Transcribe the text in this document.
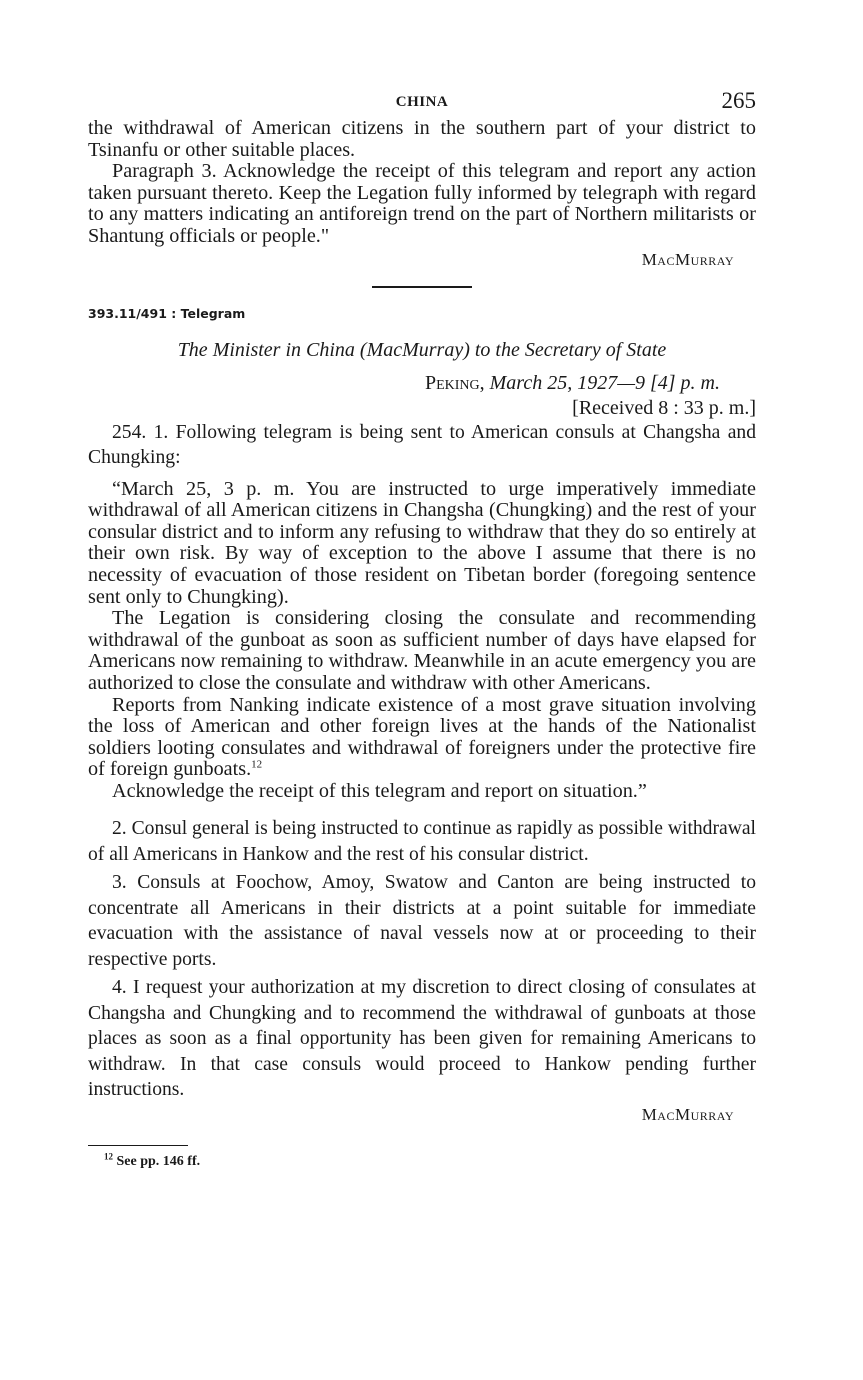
CHINA	265

the withdrawal of American citizens in the southern part of your district to Tsinanfu or other suitable places.

Paragraph 3. Acknowledge the receipt of this telegram and report any action taken pursuant thereto. Keep the Legation fully informed by telegraph with regard to any matters indicating an antiforeign trend on the part of Northern militarists or Shantung officials or people."

MacMurray
393.11/491 : Telegram
The Minister in China (MacMurray) to the Secretary of State
Peking, March 25, 1927—9 [4] p. m.
[Received 8 : 33 p. m.]

254. 1. Following telegram is being sent to American consuls at Changsha and Chungking:

“March 25, 3 p. m. You are instructed to urge imperatively immediate withdrawal of all American citizens in Changsha (Chungking) and the rest of your consular district and to inform any refusing to withdraw that they do so entirely at their own risk. By way of exception to the above I assume that there is no necessity of evacuation of those resident on Tibetan border (foregoing sentence sent only to Chungking).

The Legation is considering closing the consulate and recommending withdrawal of the gunboat as soon as sufficient number of days have elapsed for Americans now remaining to withdraw. Meanwhile in an acute emergency you are authorized to close the consulate and withdraw with other Americans.

Reports from Nanking indicate existence of a most grave situation involving the loss of American and other foreign lives at the hands of the Nationalist soldiers looting consulates and withdrawal of foreigners under the protective fire of foreign gunboats.$^{12}$

Acknowledge the receipt of this telegram and report on situation.”

2. Consul general is being instructed to continue as rapidly as possible withdrawal of all Americans in Hankow and the rest of his consular district.

3. Consuls at Foochow, Amoy, Swatow and Canton are being instructed to concentrate all Americans in their districts at a point suitable for immediate evacuation with the assistance of naval vessels now at or proceeding to their respective ports.

4. I request your authorization at my discretion to direct closing of consulates at Changsha and Chungking and to recommend the withdrawal of gunboats at those places as soon as a final opportunity has been given for remaining Americans to withdraw. In that case consuls would proceed to Hankow pending further instructions.

MacMurray
$^{12}$ See pp. 146 ff.
